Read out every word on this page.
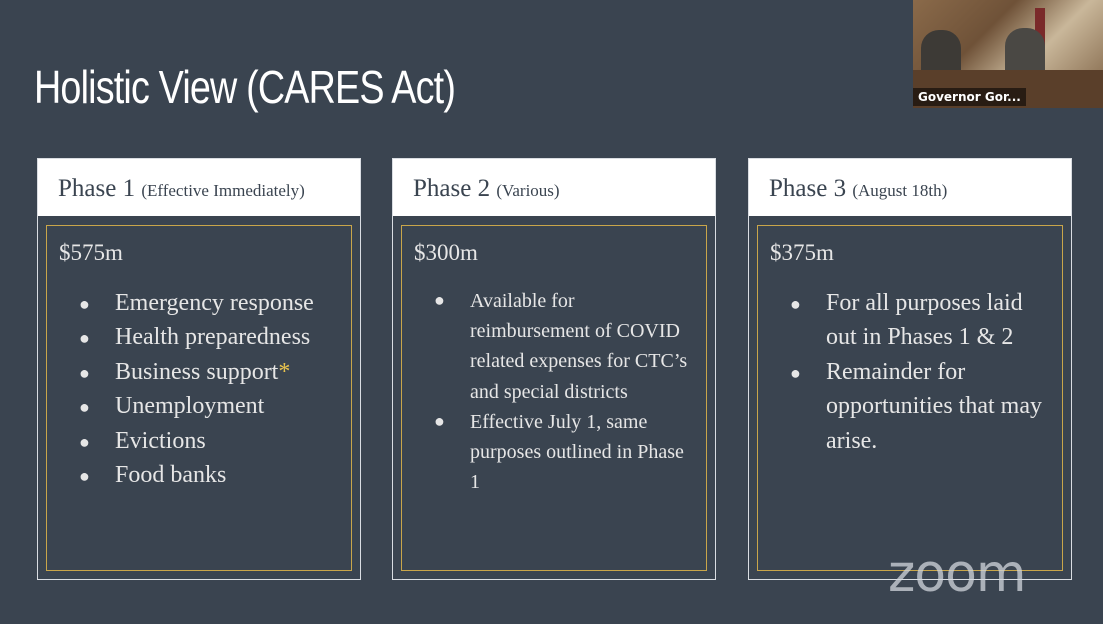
Holistic View (CARES Act)
Phase 1 (Effective Immediately)
$575m
● Emergency response
● Health preparedness
● Business support*
● Unemployment
● Evictions
● Food banks
Phase 2 (Various)
$300m
● Available for reimbursement of COVID related expenses for CTC’s and special districts
● Effective July 1, same purposes outlined in Phase 1
Phase 3 (August 18th)
$375m
● For all purposes laid out in Phases 1 & 2
● Remainder for opportunities that may arise.
Governor Gor...
zoom
